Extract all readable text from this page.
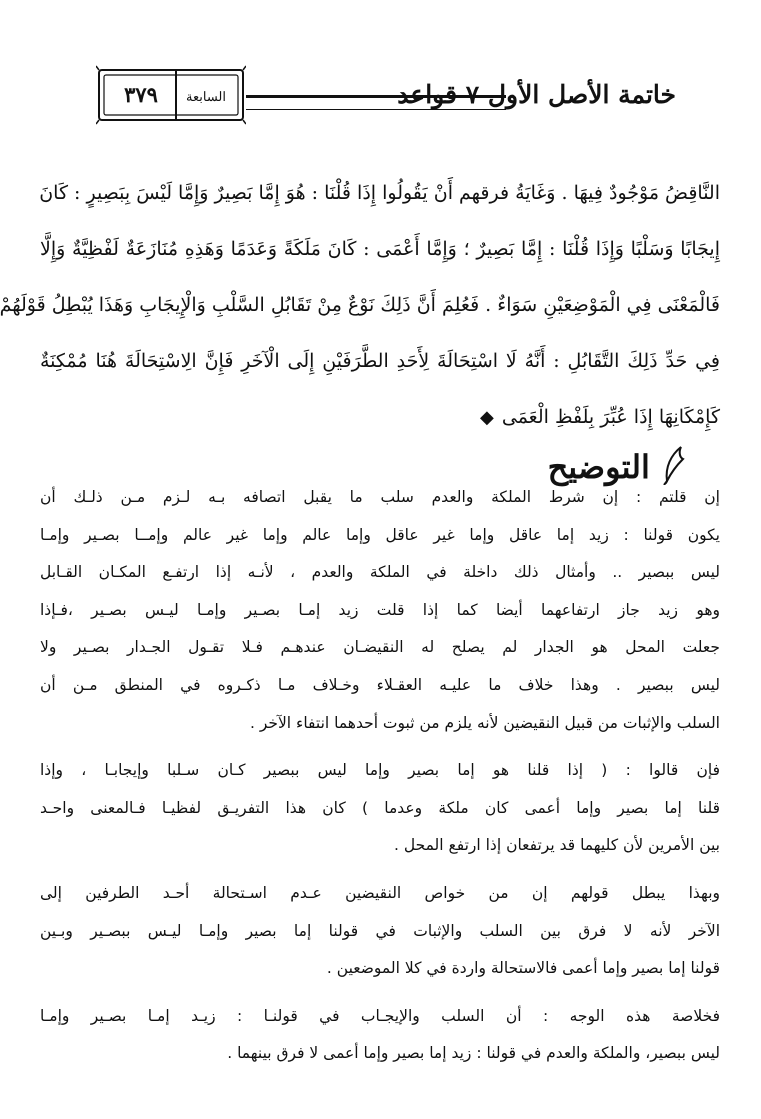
٣٧٩	السابعة	خاتمة الأصل الأول ٧ قواعد
النَّاقِضُ مَوْجُودٌ فِيهَا . وَغَايَةُ فرقهم أَنْ يَقُولُوا إِذَا قُلْنَا : هُوَ إِمَّا بَصِيرٌ وَإِمَّا لَيْسَ بِبَصِيرٍ : كَانَ
إِيجَابًا وَسَلْبًا وَإِذَا قُلْنَا : إِمَّا بَصِيرٌ ؛ وَإِمَّا أَعْمَى : كَانَ مَلَكَةً وَعَدَمًا وَهَذِهِ مُنَازَعَةٌ لَفْظِيَّةٌ وَإِلَّا
فَالْمَعْنَى فِي الْمَوْضِعَيْنِ سَوَاءٌ . فَعُلِمَ أَنَّ ذَلِكَ نَوْعٌ مِنْ تَقَابُلِ السَّلْبِ وَالْإِيجَابِ وَهَذَا يُبْطِلُ قَوْلَهُمْ
فِي حَدِّ ذَلِكَ التَّقَابُلِ : أَنَّهُ لَا اسْتِحَالَةَ لِأَحَدِ الطَّرَفَيْنِ إِلَى الْآخَرِ فَإِنَّ الِاسْتِحَالَةَ هُنَا مُمْكِنَةٌ
كَإِمْكَانِهَا إِذَا عُبِّرَ بِلَفْظِ الْعَمَى◆
التوضيح
إن قلتم : إن شرط الملكة والعدم سلب ما يقبل اتصافه بـه لـزم مـن ذلـك أن
يكون قولنا : زيد إما عاقل وإما غير عاقل وإما عالم وإما غير عالم وإمــا بصـير وإمـا
ليس ببصير .. وأمثال ذلك داخلة في الملكة والعدم ، لأنـه إذا ارتفـع المكـان القـابل
وهو زيد جاز ارتفاعهما أيضا كما إذا قلت زيد إمـا بصـير وإمـا ليـس بصـير ،فـإذا
جعلت المحل هو الجدار لم يصلح له النقيضـان عندهـم فـلا تقـول الجـدار بصـير ولا
ليس ببصير . وهذا خلاف ما عليـه العقـلاء وخـلاف مـا ذكـروه في المنطق مـن أن
السلب والإثبات من قبيل النقيضين لأنه يلزم من ثبوت أحدهما انتفاء الآخر .
فإن قالوا : ( إذا قلنا هو إما بصير وإما ليس ببصير كـان سـلبا وإيجابـا ، وإذا
قلنا إما بصير وإما أعمى كان ملكة وعدما ) كان هذا التفريـق لفظيـا فـالمعنى واحـد
بين الأمرين لأن كليهما قد يرتفعان إذا ارتفع المحل .
وبهذا يبطل قولهم إن من خواص النقيضين عـدم اسـتحالة أحـد الطرفين إلى
الآخر لأنه لا فرق بين السلب والإثبات في قولنا إما بصير وإمـا ليـس ببصـير وبـين
قولنا إما بصير وإما أعمى فالاستحالة واردة في كلا الموضعين .
فخلاصة هذه الوجه : أن السلب والإيجـاب في قولنـا : زيـد إمـا بصـير وإمـا
ليس ببصير، والملكة والعدم في قولنا : زيد إما بصير وإما أعمى لا فرق بينهما .
